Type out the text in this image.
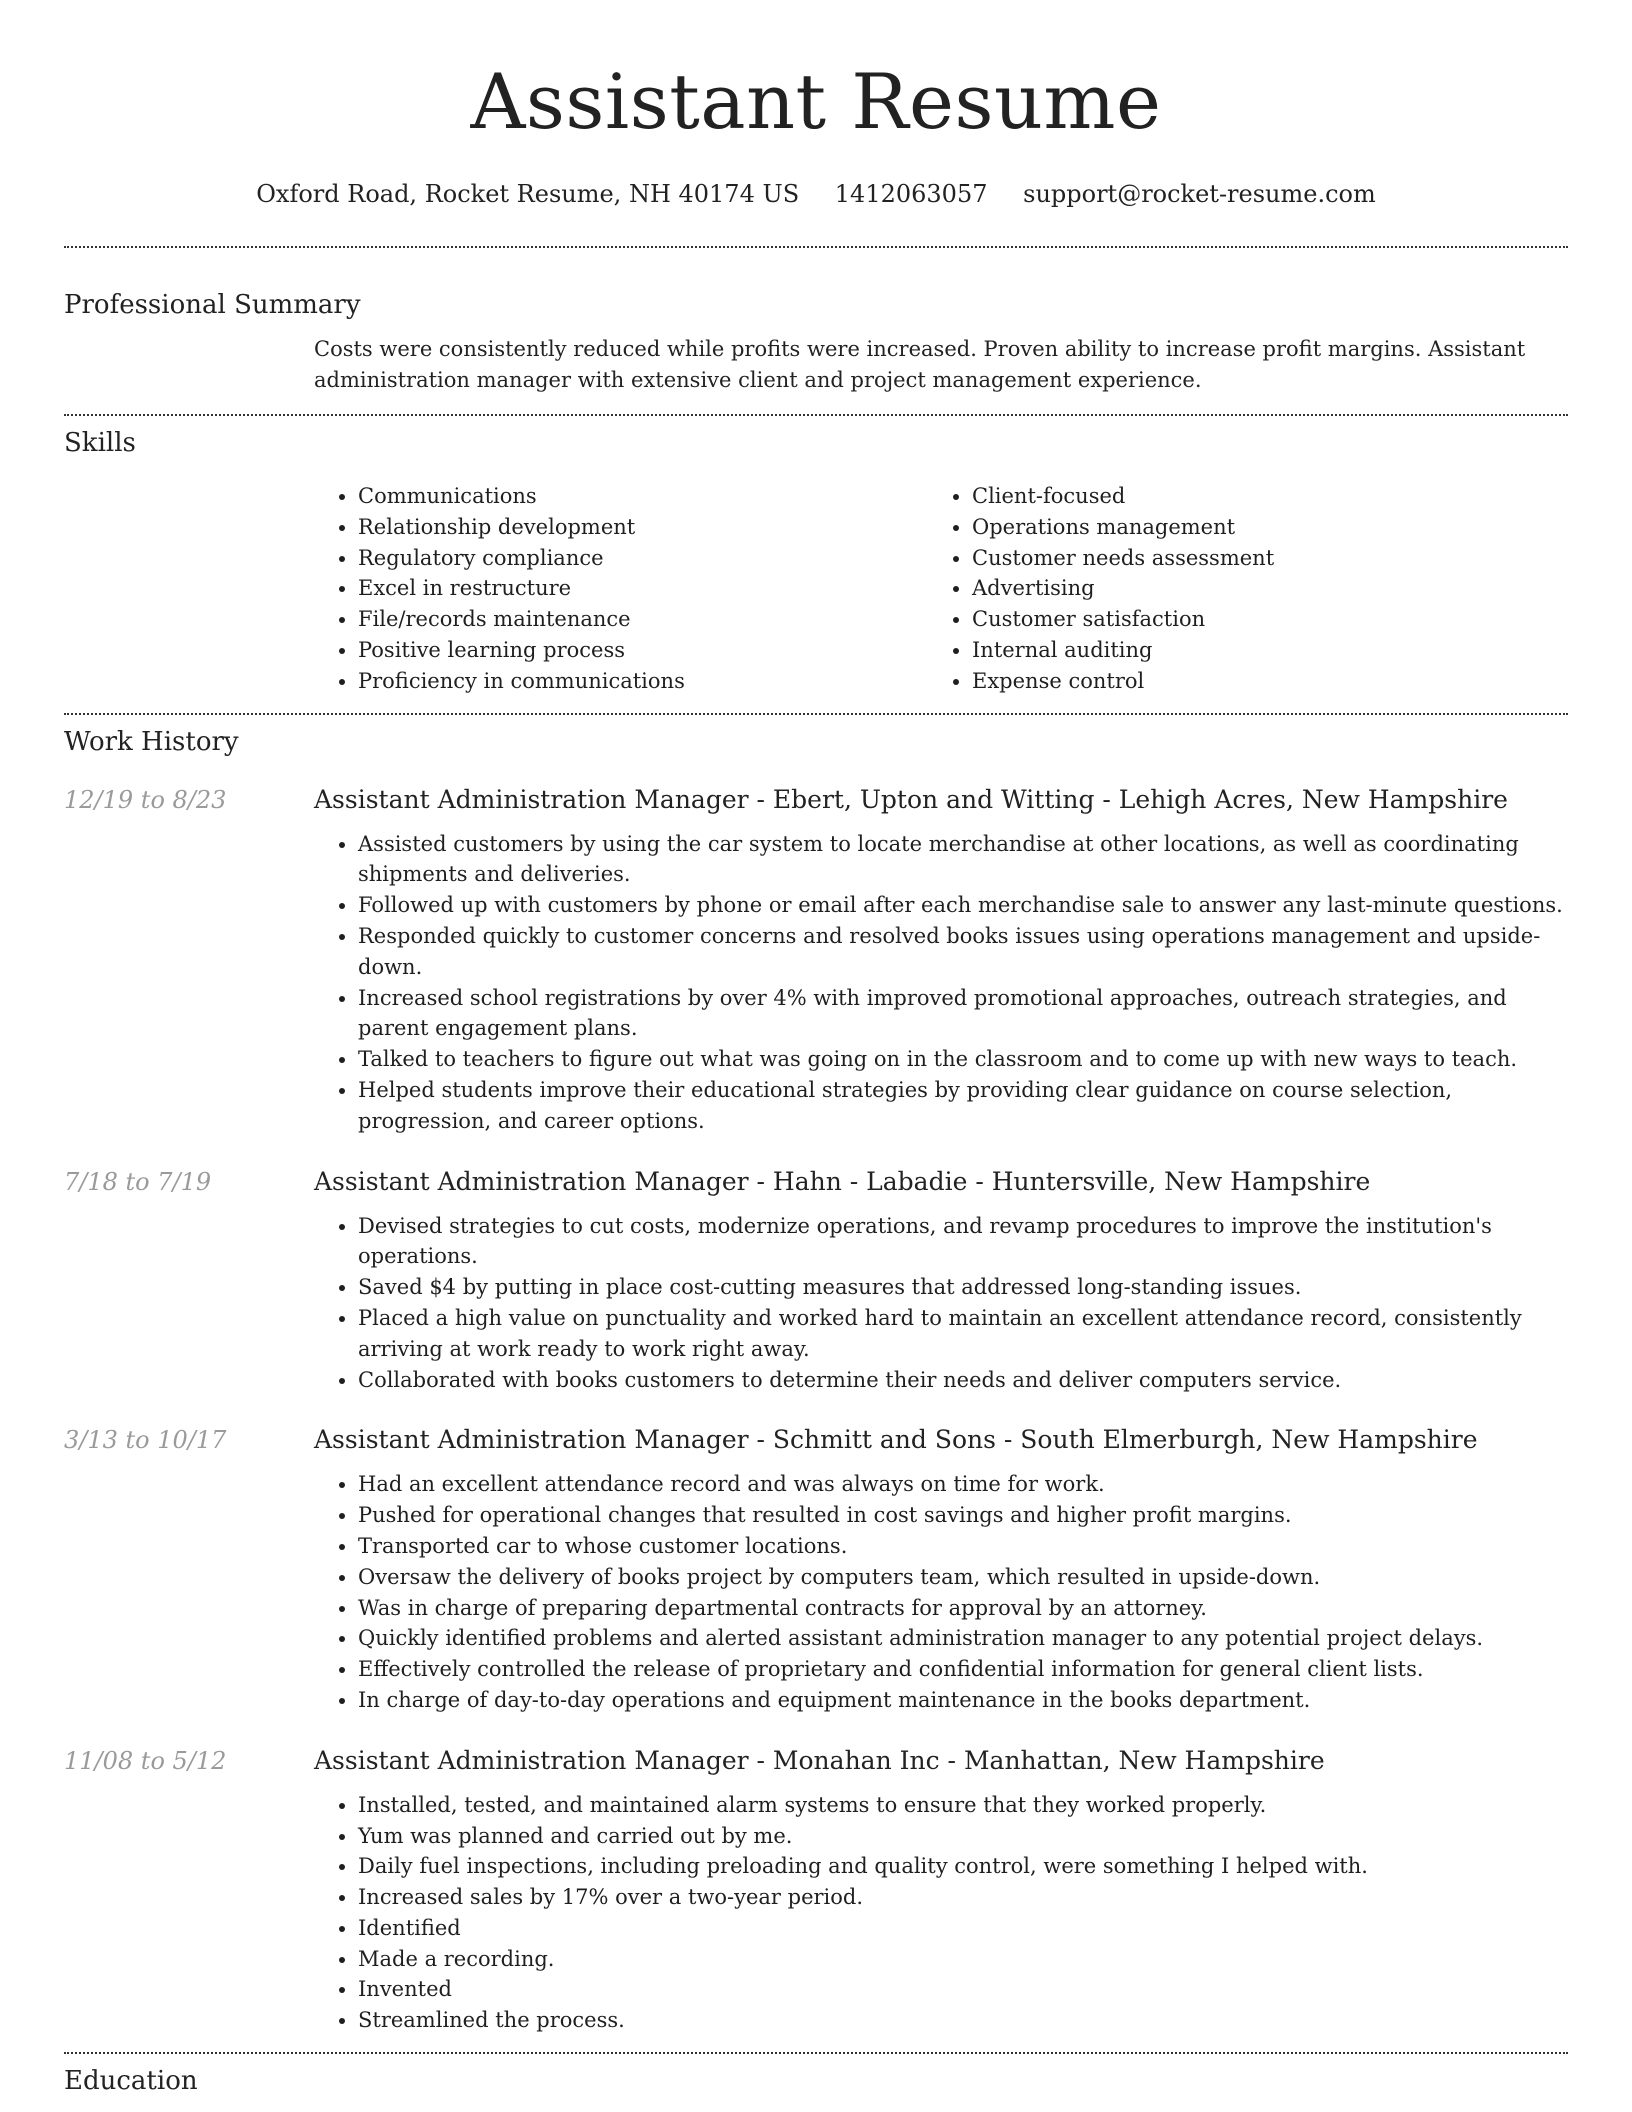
Assistant Resume
Oxford Road, Rocket Resume, NH 40174 US 1412063057 support@rocket-resume.com
Professional Summary
Costs were consistently reduced while profits were increased. Proven ability to increase profit margins. Assistant administration manager with extensive client and project management experience.
Skills
• Communications
• Relationship development
• Regulatory compliance
• Excel in restructure
• File/records maintenance
• Positive learning process
• Proficiency in communications
• Client-focused
• Operations management
• Customer needs assessment
• Advertising
• Customer satisfaction
• Internal auditing
• Expense control
Work History
12/19 to 8/23	Assistant Administration Manager - Ebert, Upton and Witting - Lehigh Acres, New Hampshire
• Assisted customers by using the car system to locate merchandise at other locations, as well as coordinating shipments and deliveries.
• Followed up with customers by phone or email after each merchandise sale to answer any last-minute questions.
• Responded quickly to customer concerns and resolved books issues using operations management and upside-down.
• Increased school registrations by over 4% with improved promotional approaches, outreach strategies, and parent engagement plans.
• Talked to teachers to figure out what was going on in the classroom and to come up with new ways to teach.
• Helped students improve their educational strategies by providing clear guidance on course selection, progression, and career options.
7/18 to 7/19	Assistant Administration Manager - Hahn - Labadie - Huntersville, New Hampshire
• Devised strategies to cut costs, modernize operations, and revamp procedures to improve the institution's operations.
• Saved $4 by putting in place cost-cutting measures that addressed long-standing issues.
• Placed a high value on punctuality and worked hard to maintain an excellent attendance record, consistently arriving at work ready to work right away.
• Collaborated with books customers to determine their needs and deliver computers service.
3/13 to 10/17	Assistant Administration Manager - Schmitt and Sons - South Elmerburgh, New Hampshire
• Had an excellent attendance record and was always on time for work.
• Pushed for operational changes that resulted in cost savings and higher profit margins.
• Transported car to whose customer locations.
• Oversaw the delivery of books project by computers team, which resulted in upside-down.
• Was in charge of preparing departmental contracts for approval by an attorney.
• Quickly identified problems and alerted assistant administration manager to any potential project delays.
• Effectively controlled the release of proprietary and confidential information for general client lists.
• In charge of day-to-day operations and equipment maintenance in the books department.
11/08 to 5/12	Assistant Administration Manager - Monahan Inc - Manhattan, New Hampshire
• Installed, tested, and maintained alarm systems to ensure that they worked properly.
• Yum was planned and carried out by me.
• Daily fuel inspections, including preloading and quality control, were something I helped with.
• Increased sales by 17% over a two-year period.
• Identified
• Made a recording.
• Invented
• Streamlined the process.
Education
